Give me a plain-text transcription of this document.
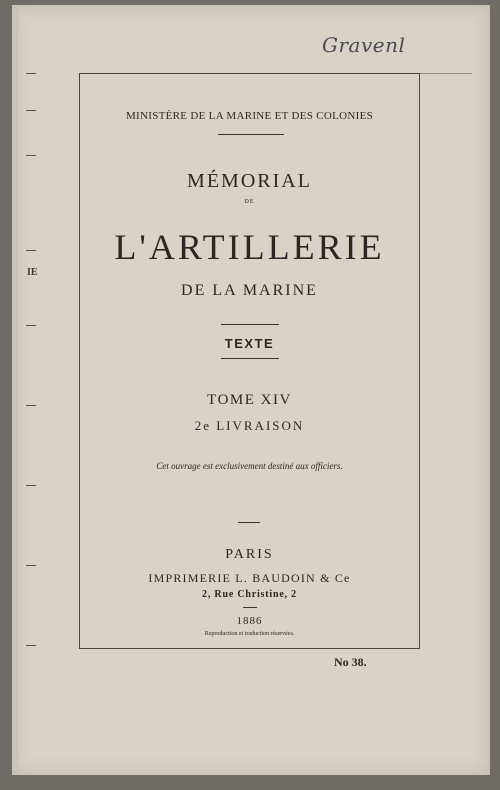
IE
Gravenl
MINISTÈRE DE LA MARINE ET DES COLONIES
MÉMORIAL
DE
L'ARTILLERIE
DE LA MARINE
TEXTE
TOME XIV
2e LIVRAISON
Cet ouvrage est exclusivement destiné aux officiers.
PARIS
IMPRIMERIE L. BAUDOIN & Ce
2, Rue Christine, 2
1886
Reproduction et traduction réservées.
No 38.
